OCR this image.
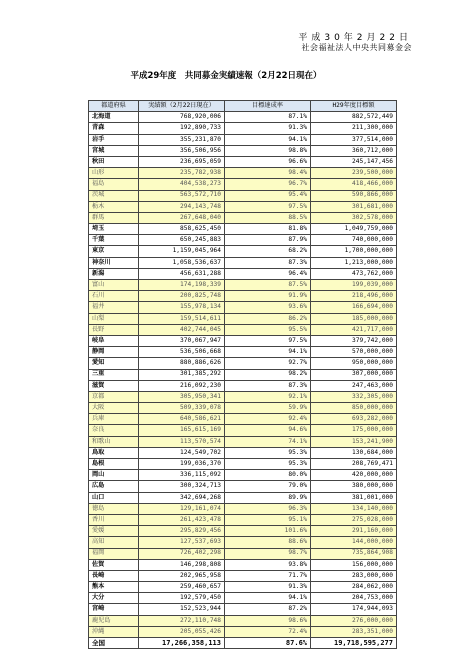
平成30年2月22日
社会福祉法人中央共同募金会
平成29年度　共同募金実績速報（2月22日現在）
都道府県	実績額（2月22日現在）	目標達成率	H29年度目標額
北海道	768,920,006	87.1%	882,572,449
青森	192,890,733	91.3%	211,300,000
岩手	355,231,870	94.1%	377,514,000
宮城	356,506,956	98.8%	360,712,000
秋田	236,695,059	96.6%	245,147,456
山形	235,782,938	98.4%	239,500,000
福島	404,538,273	96.7%	418,466,000
茨城	563,572,710	95.4%	590,866,000
栃木	294,143,748	97.5%	301,681,000
群馬	267,648,040	88.5%	302,578,000
埼玉	858,625,450	81.8%	1,049,759,000
千葉	650,245,883	87.9%	740,000,000
東京	1,159,045,964	68.2%	1,700,000,000
神奈川	1,058,536,637	87.3%	1,213,000,000
新潟	456,631,288	96.4%	473,762,000
富山	174,198,339	87.5%	199,039,000
石川	200,825,748	91.9%	218,496,000
福井	155,978,134	93.6%	166,694,000
山梨	159,514,611	86.2%	185,000,000
長野	402,744,045	95.5%	421,717,000
岐阜	370,067,947	97.5%	379,742,000
静岡	536,506,668	94.1%	570,000,000
愛知	880,886,626	92.7%	950,000,000
三重	301,385,292	98.2%	307,000,000
滋賀	216,092,230	87.3%	247,463,000
京都	305,950,341	92.1%	332,305,000
大阪	509,339,078	59.9%	850,000,000
兵庫	640,586,621	92.4%	693,282,000
奈良	165,615,169	94.6%	175,000,000
和歌山	113,570,574	74.1%	153,241,900
鳥取	124,549,702	95.3%	130,684,000
島根	199,036,370	95.3%	208,769,471
岡山	336,115,092	80.0%	420,000,000
広島	300,324,713	79.0%	380,000,000
山口	342,694,268	89.9%	381,001,000
徳島	129,161,074	96.3%	134,140,000
香川	261,423,478	95.1%	275,028,000
愛媛	295,829,456	101.6%	291,160,000
高知	127,537,693	88.6%	144,000,000
福岡	726,402,298	98.7%	735,864,908
佐賀	146,298,808	93.8%	156,000,000
長崎	202,965,958	71.7%	283,000,000
熊本	259,460,657	91.3%	284,062,000
大分	192,579,450	94.1%	204,753,000
宮崎	152,523,944	87.2%	174,944,093
鹿児島	272,110,748	98.6%	276,000,000
沖縄	205,055,426	72.4%	283,351,000
全国	17,266,358,113	87.6%	19,718,595,277
